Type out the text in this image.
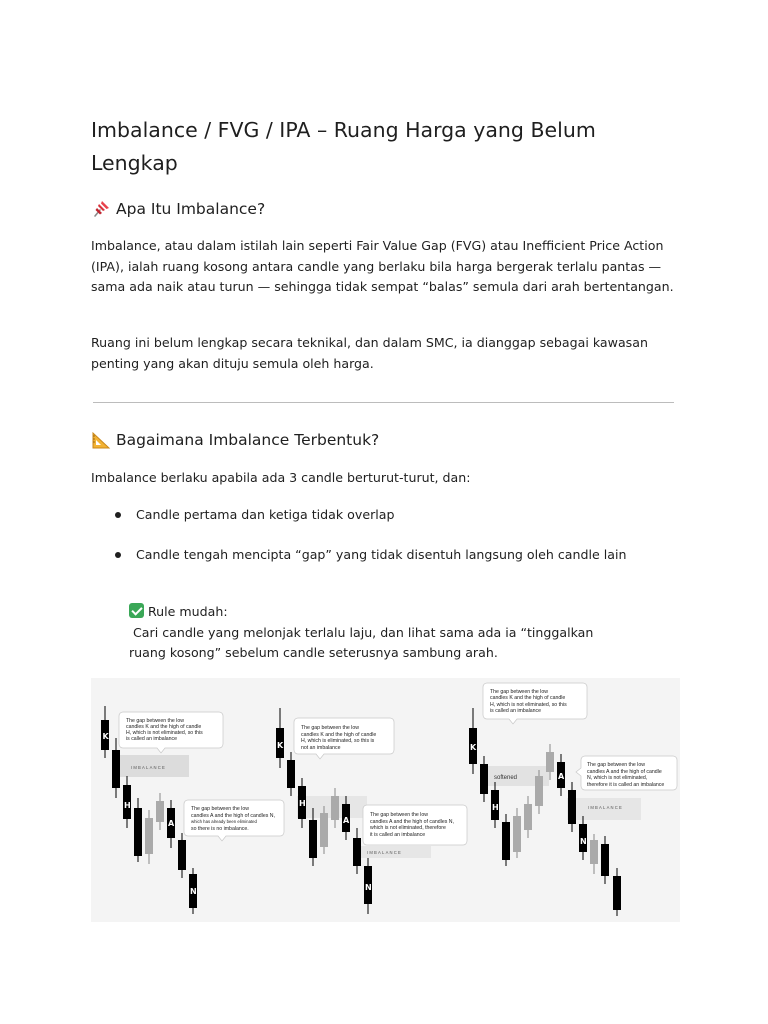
Imbalance / FVG / IPA – Ruang Harga yang Belum Lengkap
Apa Itu Imbalance?

Imbalance, atau dalam istilah lain seperti Fair Value Gap (FVG) atau Inefficient Price Action (IPA), ialah ruang kosong antara candle yang berlaku bila harga bergerak terlalu pantas — sama ada naik atau turun — sehingga tidak sempat “balas” semula dari arah bertentangan.

Ruang ini belum lengkap secara teknikal, dan dalam SMC, ia dianggap sebagai kawasan penting yang akan dituju semula oleh harga.

Bagaimana Imbalance Terbentuk?

Imbalance berlaku apabila ada 3 candle berturut-turut, dan:

Candle pertama dan ketiga tidak overlap
Candle tengah mencipta “gap” yang tidak disentuh langsung oleh candle lain
Rule mudah:
Cari candle yang melonjak terlalu laju, dan lihat sama ada ia “tinggalkan
ruang kosong” sebelum candle seterusnya sambung arah.
IMBALANCE
K
H
A
N
The gap between the low
candles K and the high of candle
H, which is not eliminated, so this
is called an imbalance
The gap between the low
candles A and the high of candles N,
which has already been eliminated
so there is no imbalance.
IMBALANCE
K
H
A
N
The gap between the low
candles K and the high of candle
H, which is eliminated, so this is
not an imbalance
The gap between the low
candles A and the high of candles N,
which is not eliminated, therefore
it is called an imbalance
softened
IMBALANCE
K
H
A
N
The gap between the low
candles K and the high of candle
H, which is not eliminated, so this
is called an imbalance
The gap between the low
candles A and the high of candle
N, which is not eliminated,
therefore it is called an imbalance
